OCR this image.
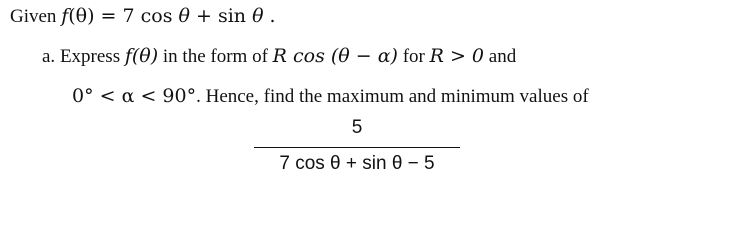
Given f(θ) = 7 cos θ + sin θ .
a. Express f(θ) in the form of R cos (θ − α) for R > 0 and
0° < α < 90°. Hence, find the maximum and minimum values of
5
7 cos θ + sin θ − 5
